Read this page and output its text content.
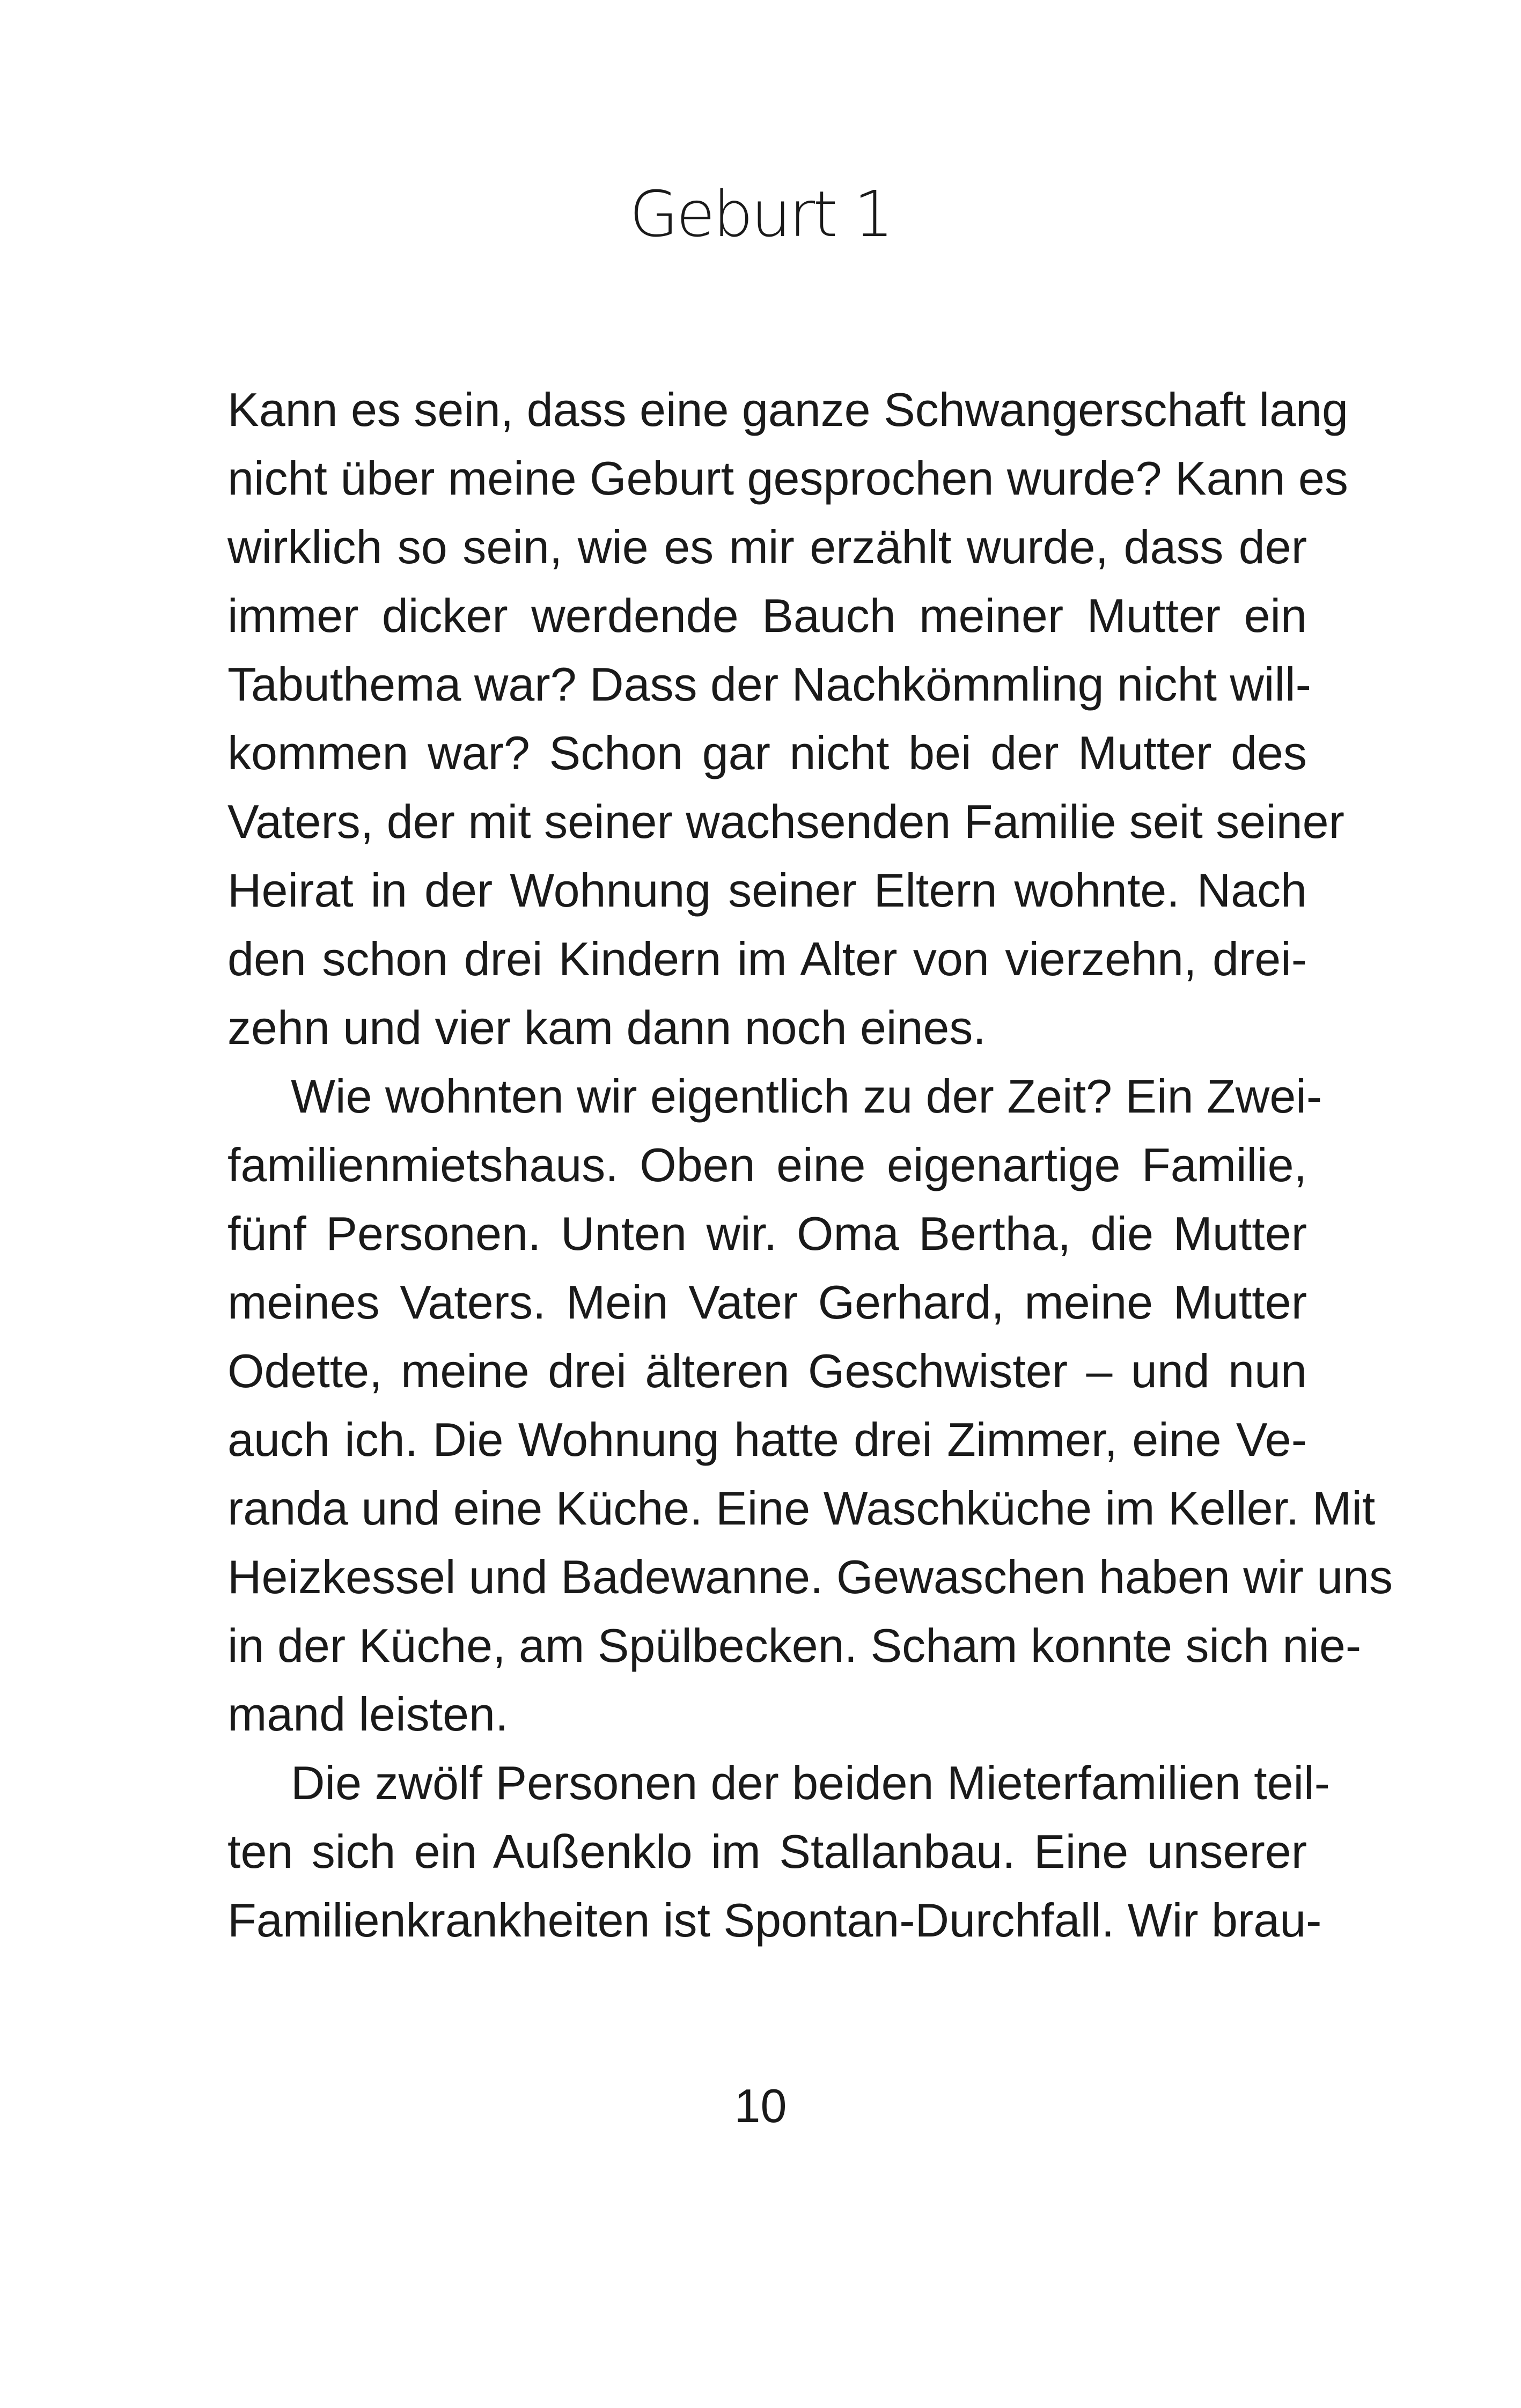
Geburt 1

Kann es sein, dass eine ganze Schwangerschaft lang
nicht über meine Geburt gesprochen wurde? Kann es
wirklich so sein, wie es mir erzählt wurde, dass der
immer dicker werdende Bauch meiner Mutter ein
Tabuthema war? Dass der Nachkömmling nicht will-
kommen war? Schon gar nicht bei der Mutter des
Vaters, der mit seiner wachsenden Familie seit seiner
Heirat in der Wohnung seiner Eltern wohnte. Nach
den schon drei Kindern im Alter von vierzehn, drei-
zehn und vier kam dann noch eines.

Wie wohnten wir eigentlich zu der Zeit? Ein Zwei-
familienmietshaus. Oben eine eigenartige Familie,
fünf Personen. Unten wir. Oma Bertha, die Mutter
meines Vaters. Mein Vater Gerhard, meine Mutter
Odette, meine drei älteren Geschwister – und nun
auch ich. Die Wohnung hatte drei Zimmer, eine Ve-
randa und eine Küche. Eine Waschküche im Keller. Mit
Heizkessel und Badewanne. Gewaschen haben wir uns
in der Küche, am Spülbecken. Scham konnte sich nie-
mand leisten.

Die zwölf Personen der beiden Mieterfamilien teil-
ten sich ein Außenklo im Stallanbau. Eine unserer
Familienkrankheiten ist Spontan-Durchfall. Wir brau-

10
